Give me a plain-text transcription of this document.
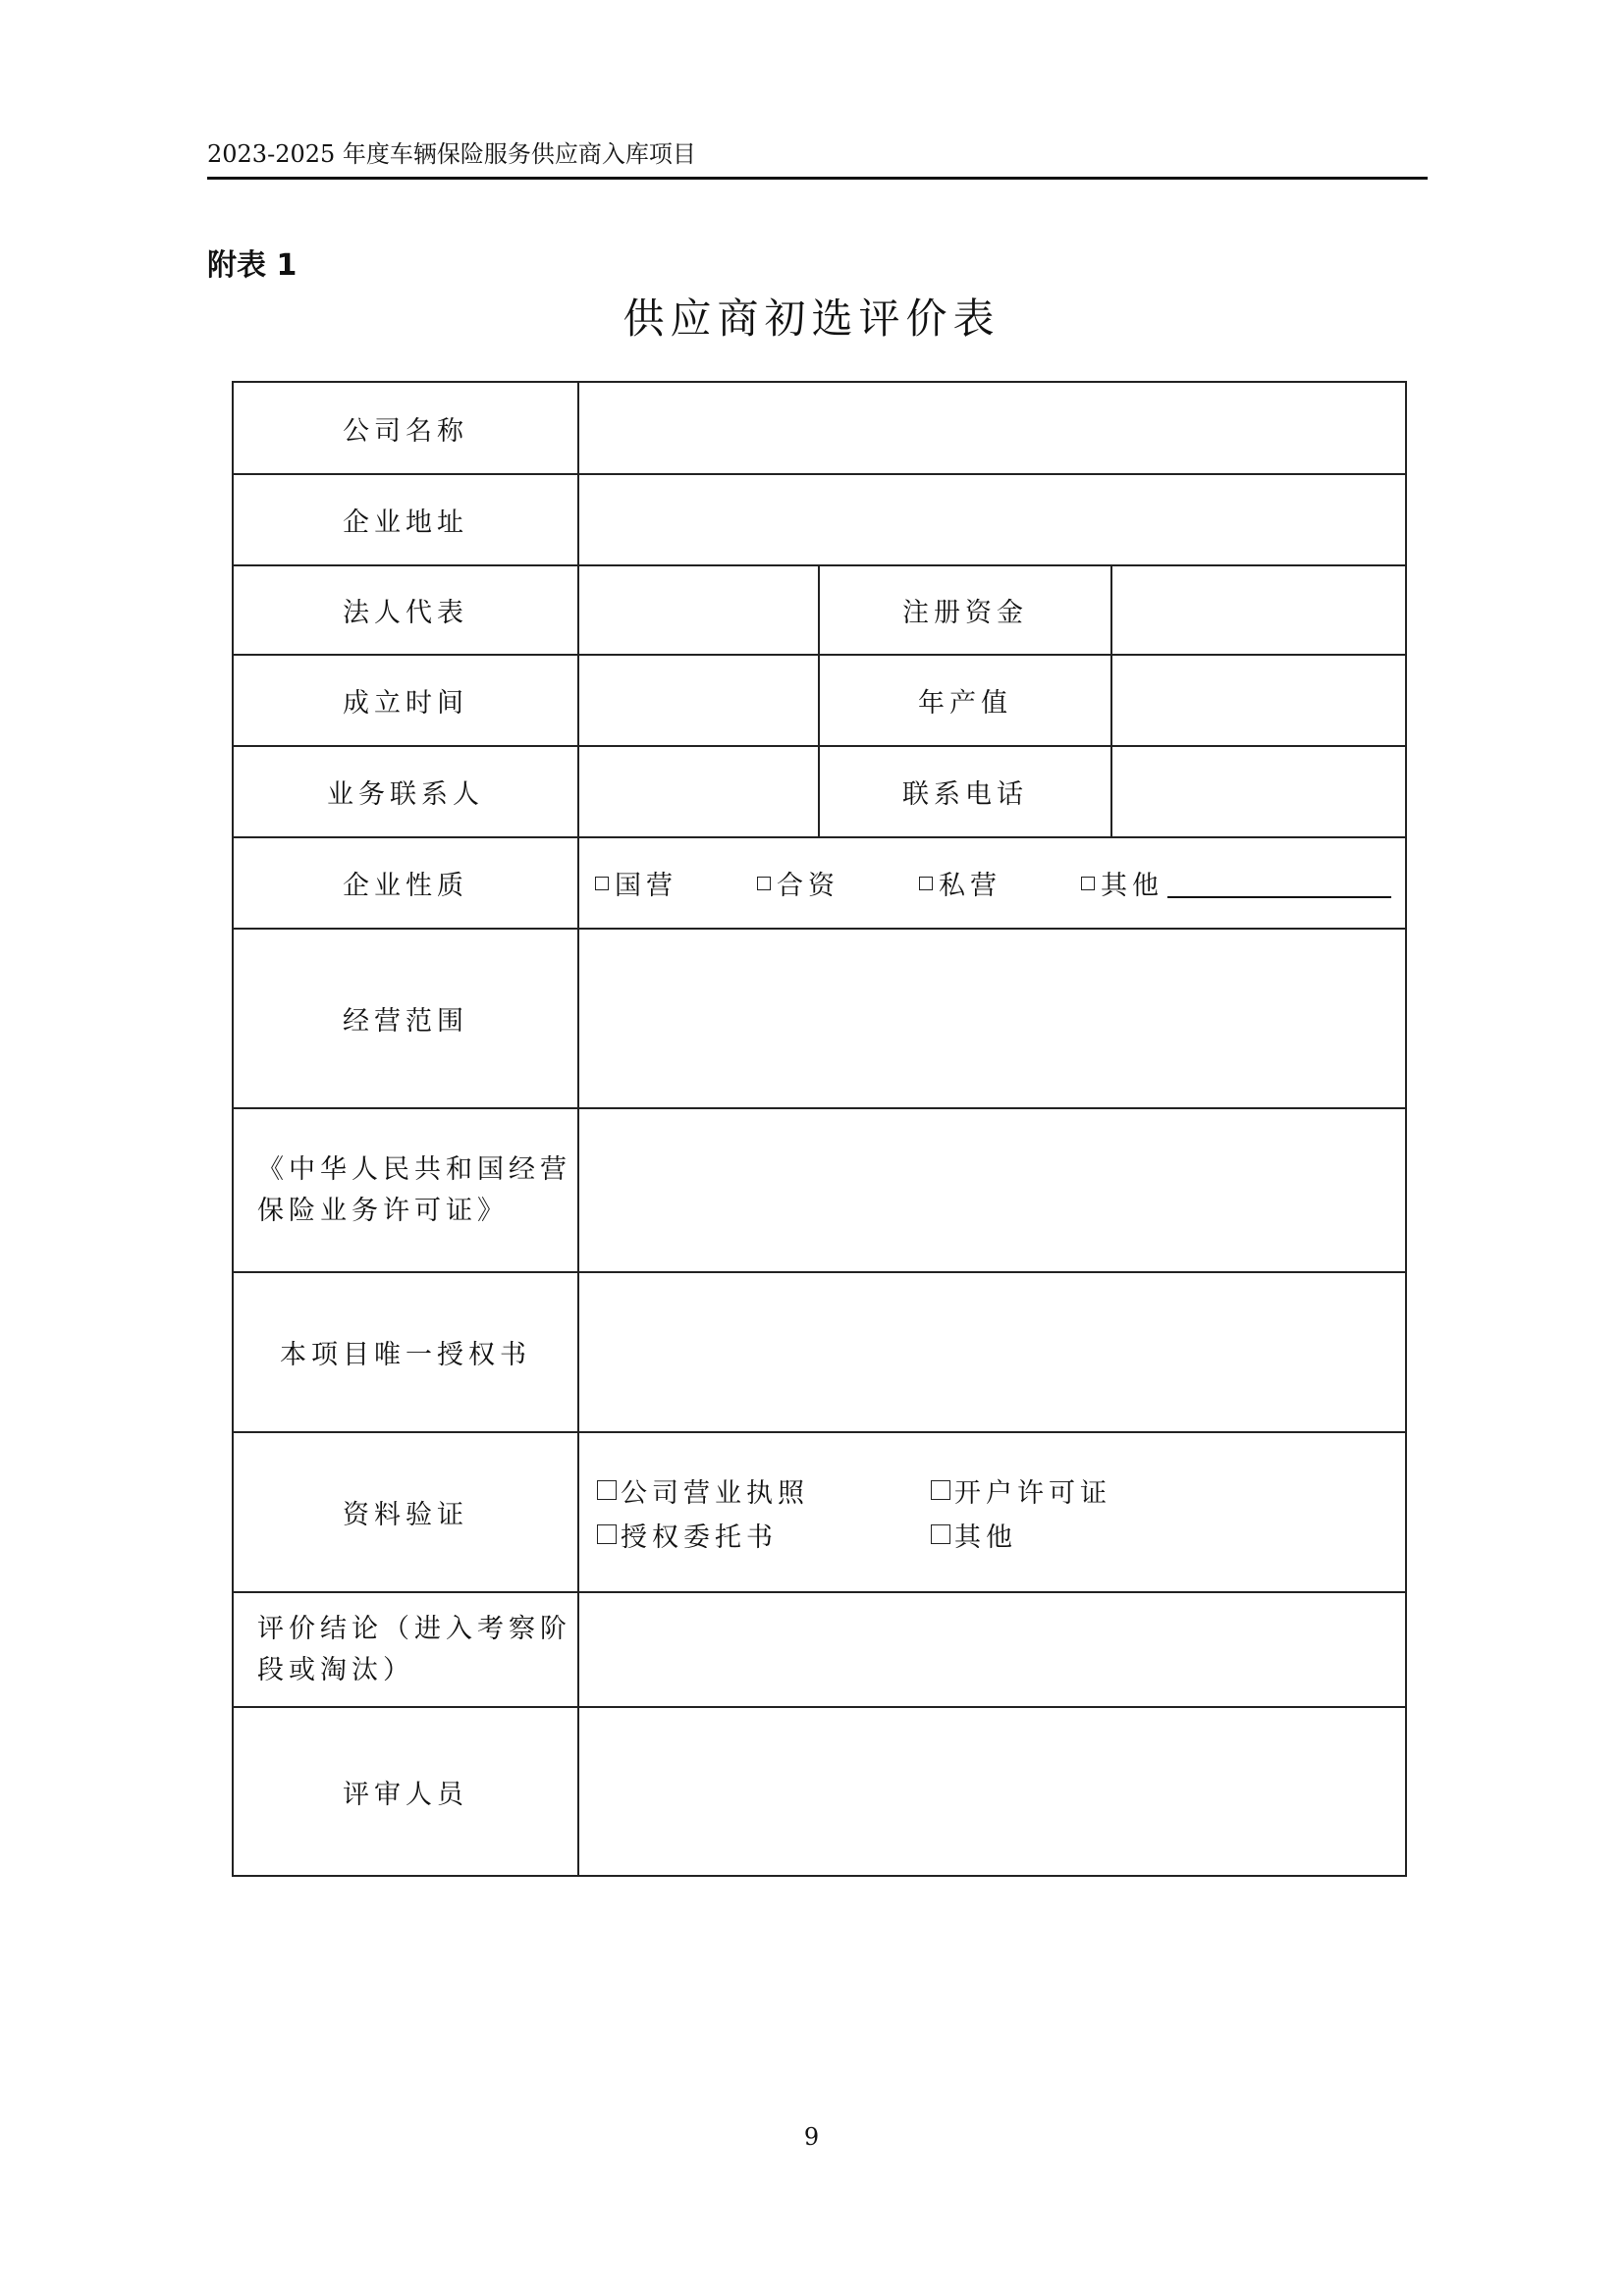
2023-2025 年度车辆保险服务供应商入库项目
附表 1
供应商初选评价表
公司名称			
企业地址			
法人代表		注册资金	
成立时间		年产值	
业务联系人		联系电话	
企业性质	国营 合资 私营 其他		

经营范围			
《中华人民共和国经营保险业务许可证》			
本项目唯一授权书			
资料验证	公司营业执照 开户许可证
授权委托书 其他		

评价结论（进入考察阶段或淘汰）			
评审人员			
9
